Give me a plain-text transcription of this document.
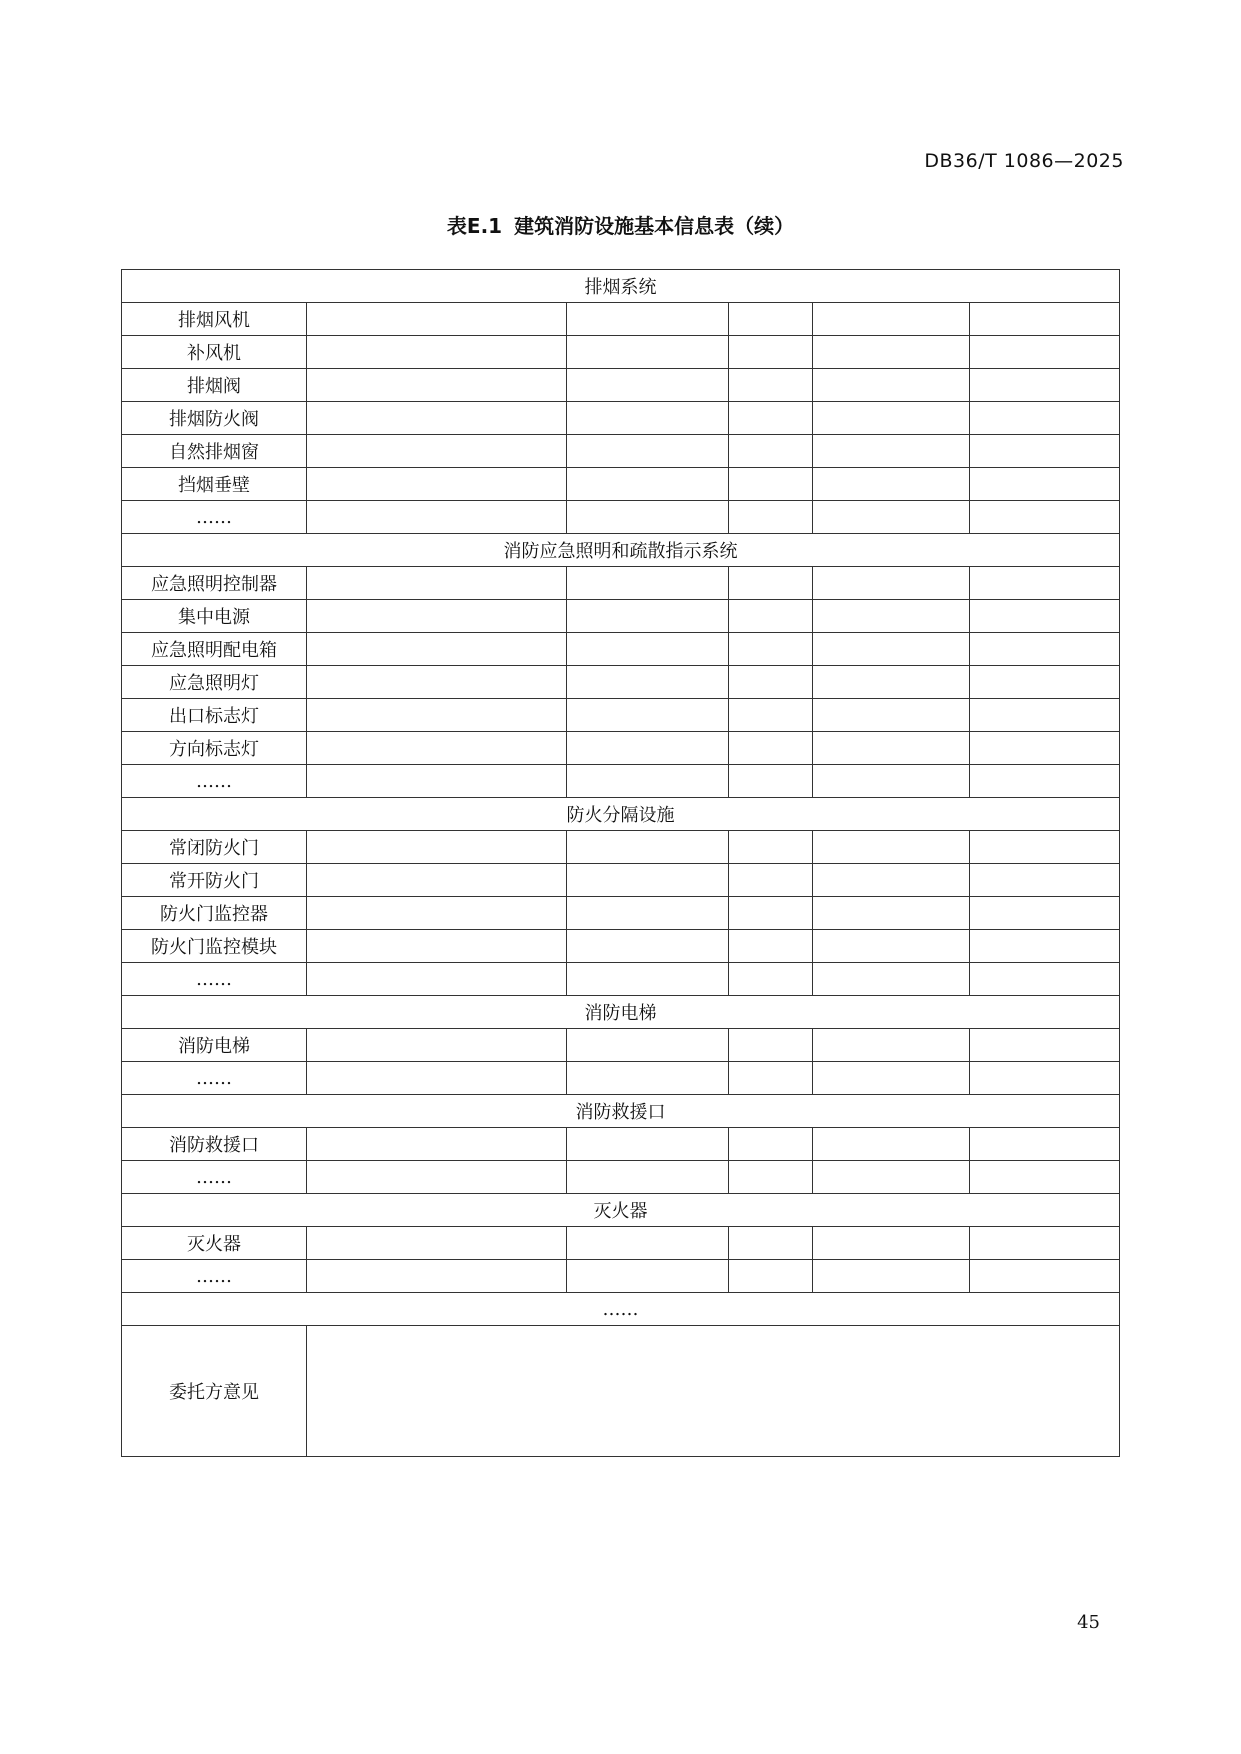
DB36/T 1086—2025
表E.1 建筑消防设施基本信息表（续）
排烟系统					
排烟风机					
补风机					
排烟阀					
排烟防火阀					
自然排烟窗					
挡烟垂壁					
……					
消防应急照明和疏散指示系统					
应急照明控制器					
集中电源					
应急照明配电箱					
应急照明灯					
出口标志灯					
方向标志灯					
……					
防火分隔设施					
常闭防火门					
常开防火门					
防火门监控器					
防火门监控模块					
……					
消防电梯					
消防电梯					
……					
消防救援口					
消防救援口					
……					
灭火器					
灭火器					
……					
……					
委托方意见					
45
